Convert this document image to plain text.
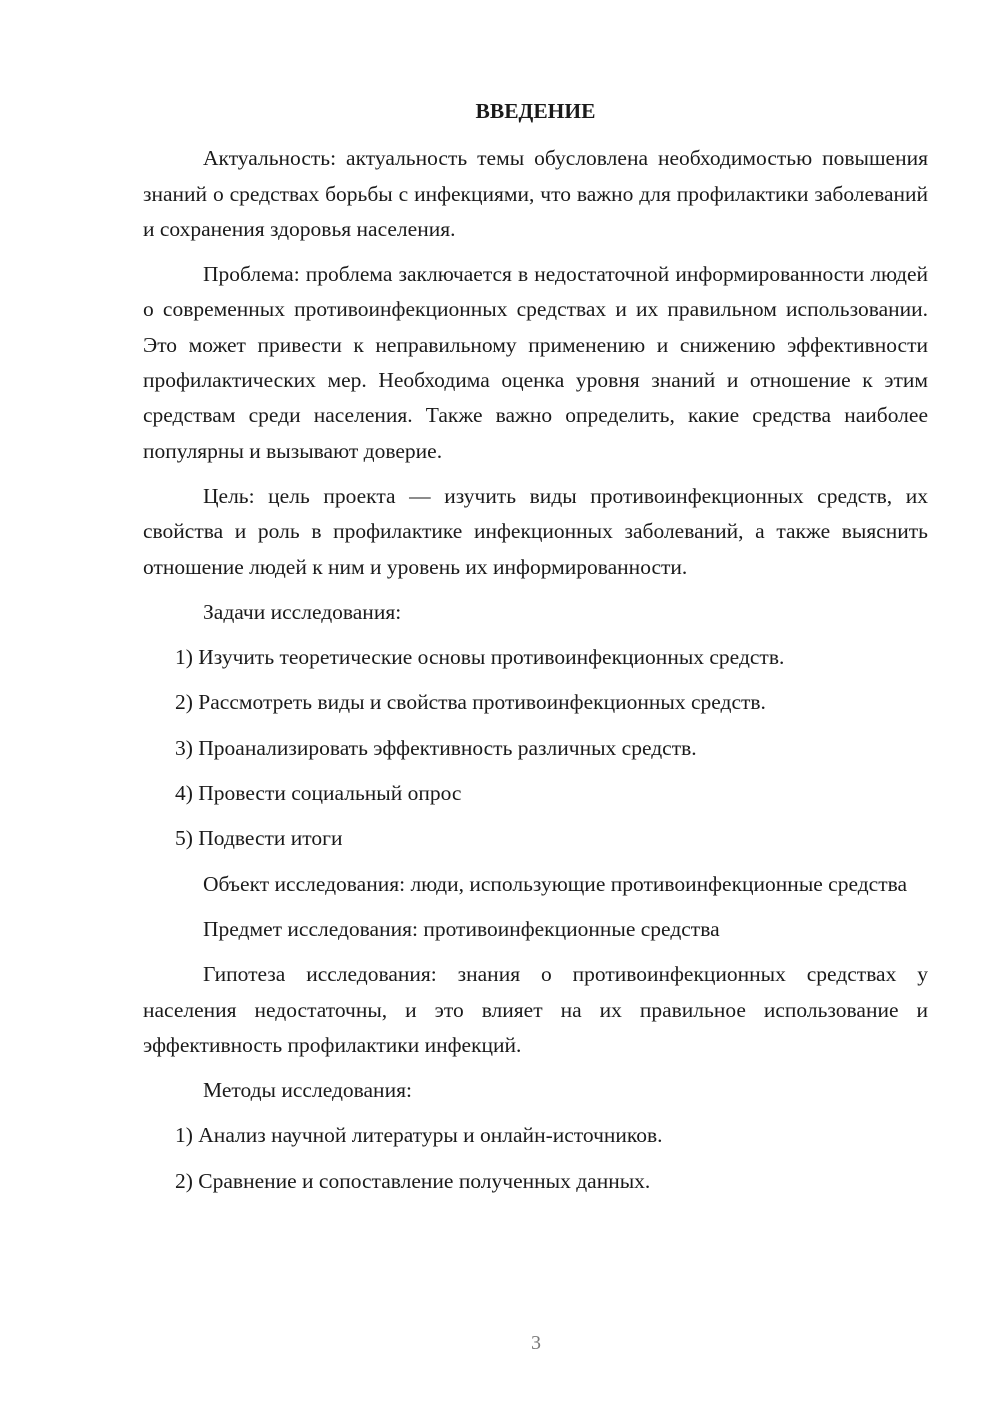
ВВЕДЕНИЕ

Актуальность: актуальность темы обусловлена необходимостью повышения знаний о средствах борьбы с инфекциями, что важно для профилактики заболеваний и сохранения здоровья населения.

Проблема: проблема заключается в недостаточной информированности людей о современных противоинфекционных средствах и их правильном использовании. Это может привести к неправильному применению и снижению эффективности профилактических мер. Необходима оценка уровня знаний и отношение к этим средствам среди населения. Также важно определить, какие средства наиболее популярны и вызывают доверие.

Цель: цель проекта — изучить виды противоинфекционных средств, их свойства и роль в профилактике инфекционных заболеваний, а также выяснить отношение людей к ним и уровень их информированности.

Задачи исследования:

1) Изучить теоретические основы противоинфекционных средств.

2) Рассмотреть виды и свойства противоинфекционных средств.

3) Проанализировать эффективность различных средств.

4) Провести социальный опрос

5) Подвести итоги

Объект исследования: люди, использующие противоинфекционные средства

Предмет исследования: противоинфекционные средства

Гипотеза исследования: знания о противоинфекционных средствах у населения недостаточны, и это влияет на их правильное использование и эффективность профилактики инфекций.

Методы исследования:

1) Анализ научной литературы и онлайн-источников.

2) Сравнение и сопоставление полученных данных.

3
